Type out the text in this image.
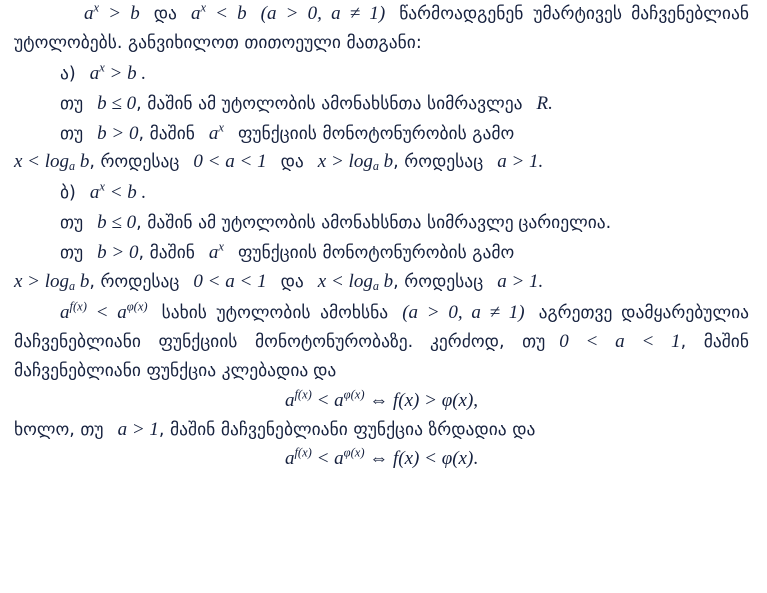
$a^x > b$ და $a^x < b$ (a > 0, a ≠ 1) წარმოადგენენ უმარტივეს მაჩვენებლიან უტოლობებს. განვიხილოთ თითოეული მათგანი:

ა) $a^x > b$ .

თუ b ≤ 0, მაშინ ამ უტოლობის ამონახსნთა სიმრავლეა R.

თუ b > 0, მაშინ $a^x$ ფუნქციის მონოტონურობის გამო

$x < \log_a b$, როდესაც 0 < a < 1 და $x > \log_a b$, როდესაც a > 1.

ბ) $a^x < b$ .

თუ b ≤ 0, მაშინ ამ უტოლობის ამონახსნთა სიმრავლე ცარიელია.

თუ b > 0, მაშინ $a^x$ ფუნქციის მონოტონურობის გამო

$x > \log_a b$, როდესაც 0 < a < 1 და $x < \log_a b$, როდესაც a > 1.

$a^{f(x)} < a^{\varphi(x)}$ სახის უტოლობის ამოხსნა (a > 0, a ≠ 1) აგრეთვე დამყარებულია მაჩვენებლიანი ფუნქციის მონოტონურობაზე. კერძოდ, თუ 0 < a < 1, მაშინ მაჩვენებლიანი ფუნქცია კლებადია და

$a^{f(x)} < a^{\varphi(x)}$ ⇔ f(x) > φ(x),

ხოლო, თუ a > 1, მაშინ მაჩვენებლიანი ფუნქცია ზრდადია და

$a^{f(x)} < a^{\varphi(x)}$ ⇔ f(x) < φ(x).
